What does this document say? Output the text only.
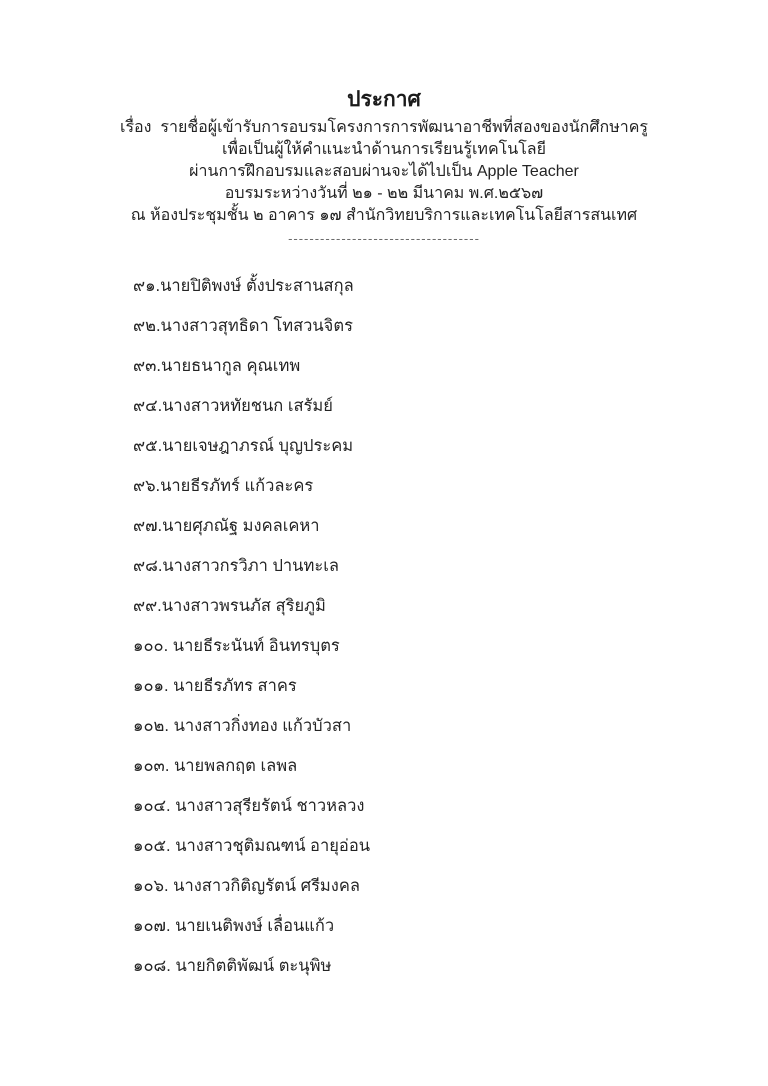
ประกาศ

เรื่อง  รายชื่อผู้เข้ารับการอบรมโครงการการพัฒนาอาชีพที่สองของนักศึกษาครู

เพื่อเป็นผู้ให้คำแนะนำด้านการเรียนรู้เทคโนโลยี

ผ่านการฝึกอบรมและสอบผ่านจะได้ไปเป็น Apple Teacher

อบรมระหว่างวันที่ ๒๑ - ๒๒ มีนาคม พ.ศ.๒๕๖๗

ณ ห้องประชุมชั้น ๒ อาคาร ๑๗ สำนักวิทยบริการและเทคโนโลยีสารสนเทศ

------------------------------------

๙๑.นายปิติพงษ์ ตั้งประสานสกุล

๙๒.นางสาวสุทธิดา โทสวนจิตร

๙๓.นายธนากูล คุณเทพ

๙๔.นางสาวหทัยชนก เสรัมย์

๙๕.นายเจษฎาภรณ์ บุญประคม

๙๖.นายธีรภัทร์ แก้วละคร

๙๗.นายศุภณัฐ มงคลเคหา

๙๘.นางสาวกรวิภา ปานทะเล

๙๙.นางสาวพรนภัส สุริยภูมิ

๑๐๐. นายธีระนันท์ อินทรบุตร

๑๐๑. นายธีรภัทร สาคร

๑๐๒. นางสาวกิ่งทอง แก้วบัวสา

๑๐๓. นายพลกฤต เลพล

๑๐๔. นางสาวสุรียรัตน์ ชาวหลวง

๑๐๕. นางสาวชุติมณฑน์ อายุอ่อน

๑๐๖. นางสาวกิติญรัตน์ ศรีมงคล

๑๐๗. นายเนติพงษ์ เลื่อนแก้ว

๑๐๘. นายกิตติพัฒน์ ตะนุพิษ
